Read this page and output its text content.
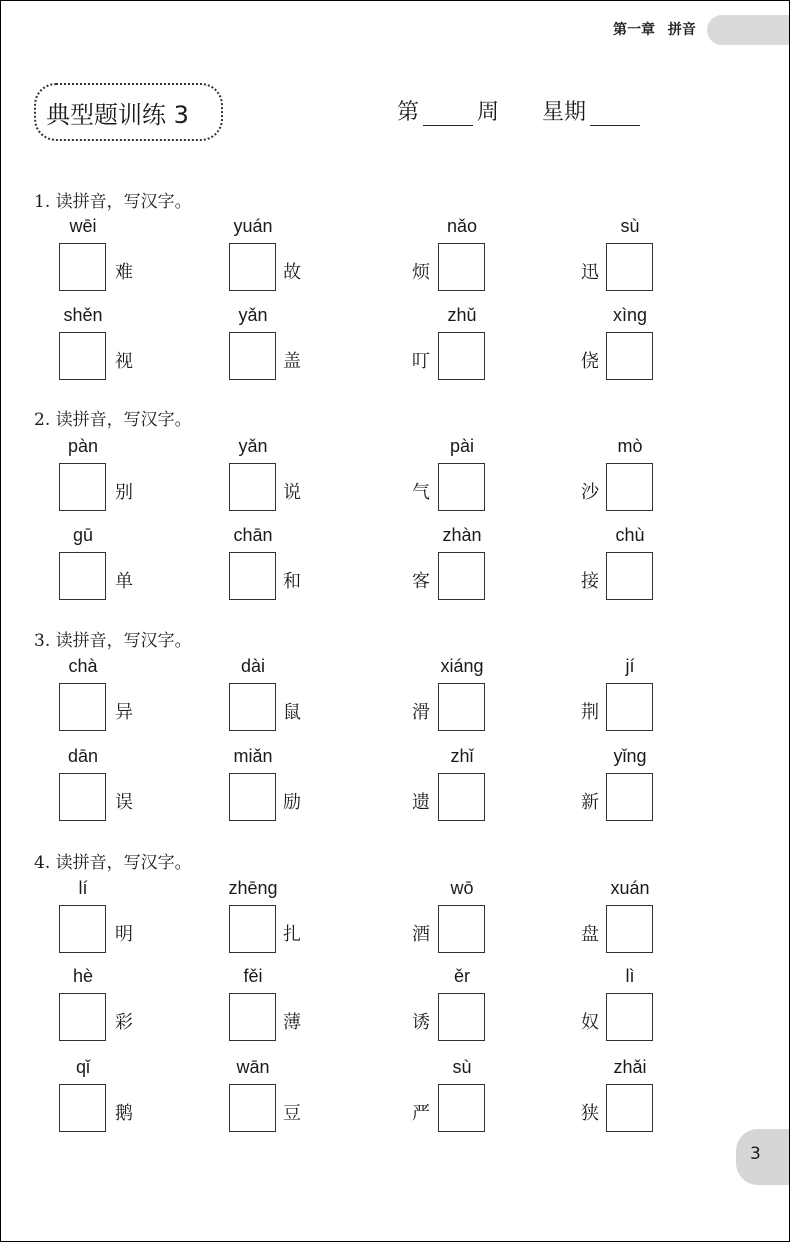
第一章 拼音
典型题训练 3	第	周 星期
1. 读拼音，写汉字。
wēi
难
yuán
故
nǎo
烦
sù
迅
shěn
视
yǎn
盖
zhǔ
叮
xìng
侥
2. 读拼音，写汉字。
pàn
别
yǎn
说
pài
气
mò
沙
gū
单
chān
和
zhàn
客
chù
接
3. 读拼音，写汉字。
chà
异
dài
鼠
xiáng
滑
jí
荆
dān
误
miǎn
励
zhǐ
遗
yǐng
新
4. 读拼音，写汉字。
lí
明
zhēng
扎
wō
酒
xuán
盘
hè
彩
fěi
薄
ěr
诱
lì
奴
qǐ
鹅
wān
豆
sù
严
zhǎi
狭
3
